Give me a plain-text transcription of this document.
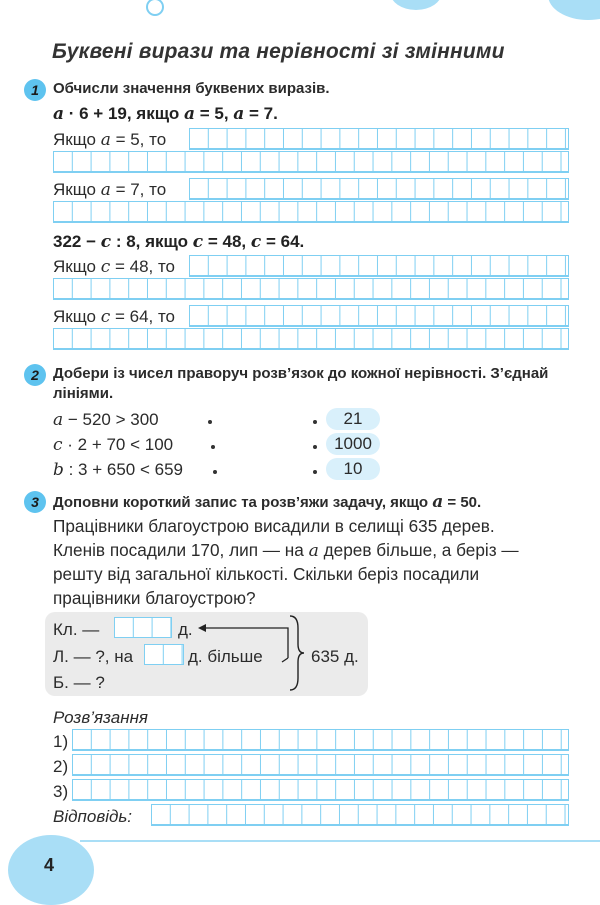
Буквені вирази та нерівності зі змінними
1 Обчисли значення буквених виразів.
a · 6 + 19, якщо a = 5, a = 7.
Якщо a = 5, то
Якщо a = 7, то
322 − c : 8, якщо c = 48, c = 64.
Якщо c = 48, то
Якщо c = 64, то
2 Добери із чисел праворуч розв’язок до кожної нерівності. З’єднай
лініями.
a − 520 > 300
c · 2 + 70 < 100
b : 3 + 650 < 659
21
1000
10
3 Доповни короткий запис та розв’яжи задачу, якщо a = 50.
Працівники благоустрою висадили в селищі 635 дерев.
Кленів посадили 170, лип — на a дерев більше, а беріз —
решту від загальної кількості. Скільки беріз посадили
працівники благоустрою?
Кл. —	д.
Л. — ?, на	д. більше
Б. — ?
635 д.
Розв’язання
1)
2)
3)
Відповідь:
4
